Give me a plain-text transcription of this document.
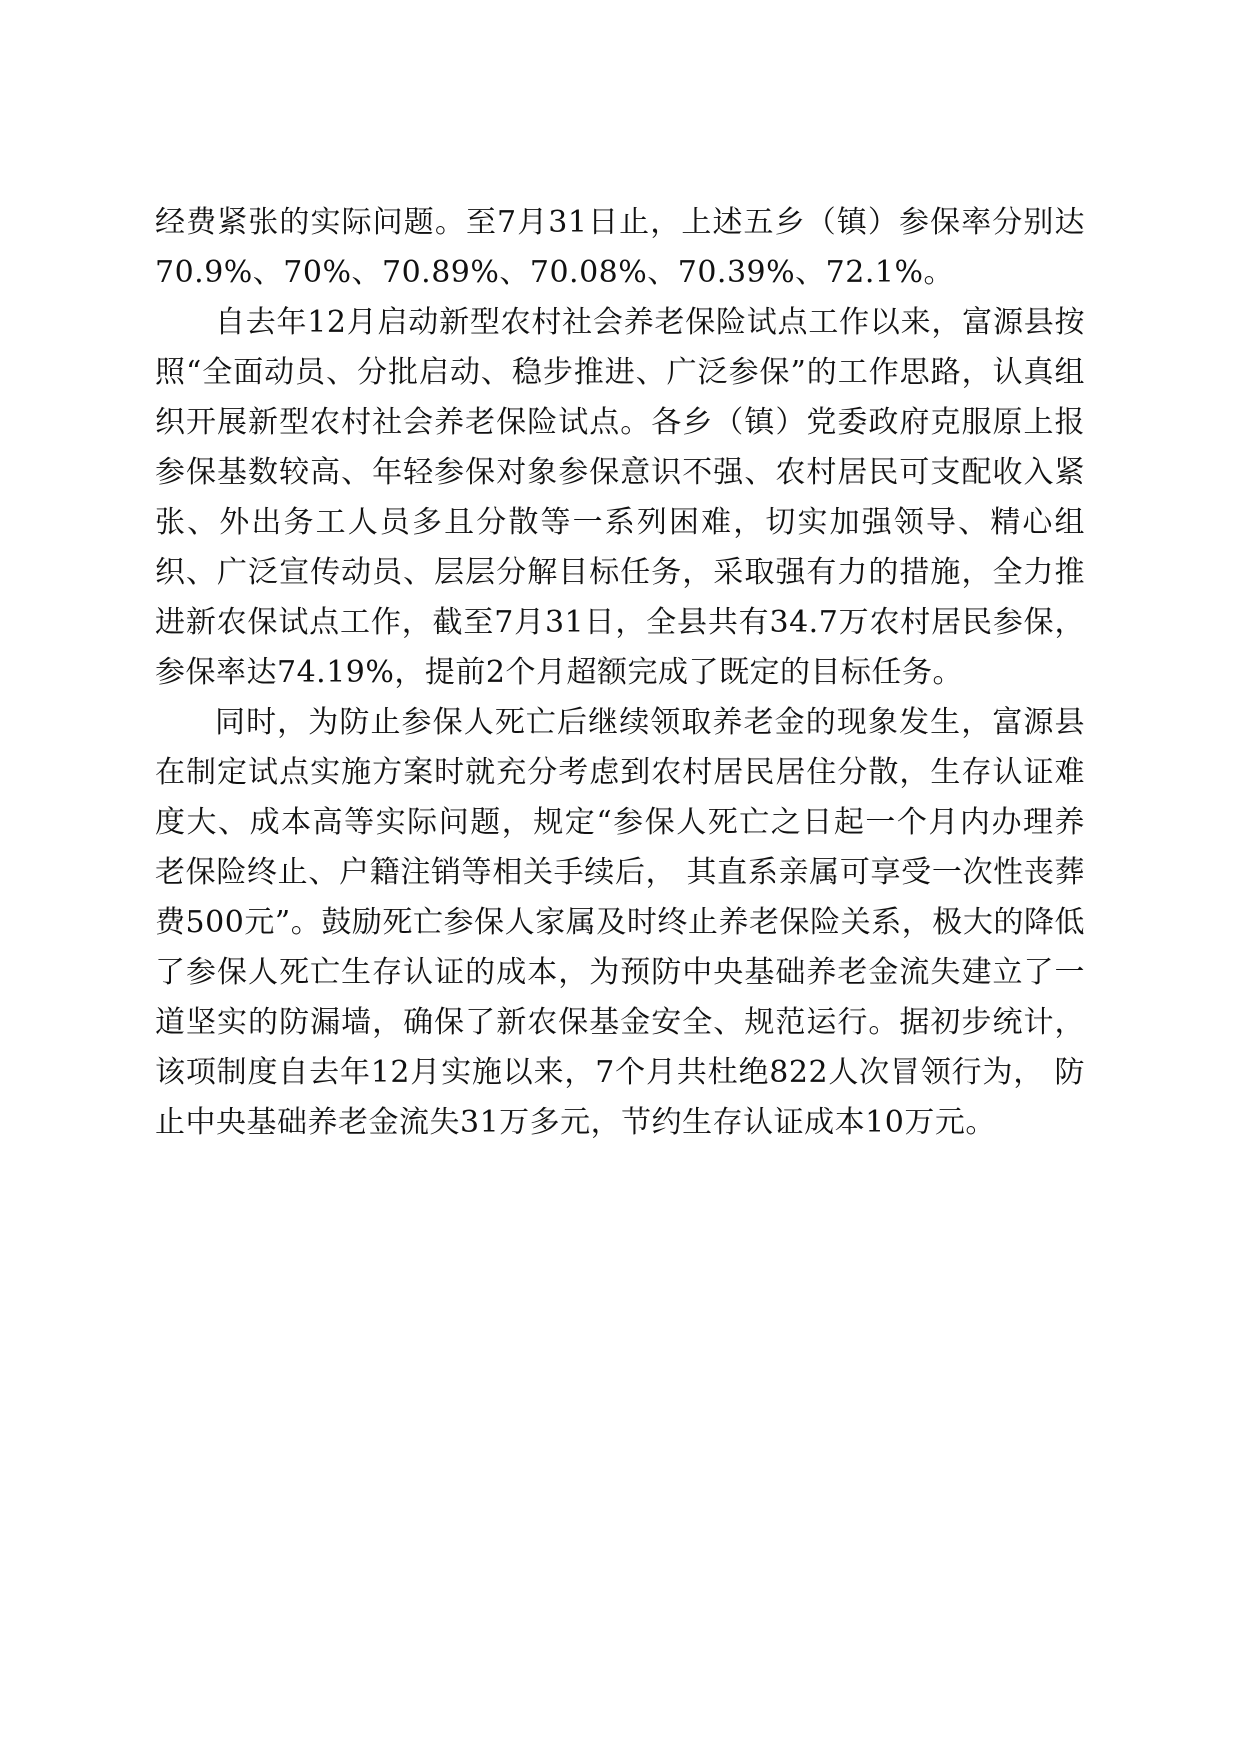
经费紧张的实际问题。至7月31日止，上述五乡（镇）参保率分别达70.9%、70%、70.89%、70.08%、70.39%、72.1%。

自去年12月启动新型农村社会养老保险试点工作以来，富源县按照“全面动员、分批启动、稳步推进、广泛参保”的工作思路，认真组织开展新型农村社会养老保险试点。各乡（镇）党委政府克服原上报参保基数较高、年轻参保对象参保意识不强、农村居民可支配收入紧张、外出务工人员多且分散等一系列困难，切实加强领导、精心组织、广泛宣传动员、层层分解目标任务，采取强有力的措施，全力推进新农保试点工作，截至7月31日，全县共有34.7万农村居民参保，参保率达74.19%，提前2个月超额完成了既定的目标任务。

同时，为防止参保人死亡后继续领取养老金的现象发生，富源县在制定试点实施方案时就充分考虑到农村居民居住分散，生存认证难度大、成本高等实际问题，规定“参保人死亡之日起一个月内办理养老保险终止、户籍注销等相关手续后， 其直系亲属可享受一次性丧葬费500元”。鼓励死亡参保人家属及时终止养老保险关系，极大的降低了参保人死亡生存认证的成本，为预防中央基础养老金流失建立了一道坚实的防漏墙，确保了新农保基金安全、规范运行。据初步统计，该项制度自去年12月实施以来，7个月共杜绝822人次冒领行为， 防止中央基础养老金流失31万多元，节约生存认证成本10万元。
